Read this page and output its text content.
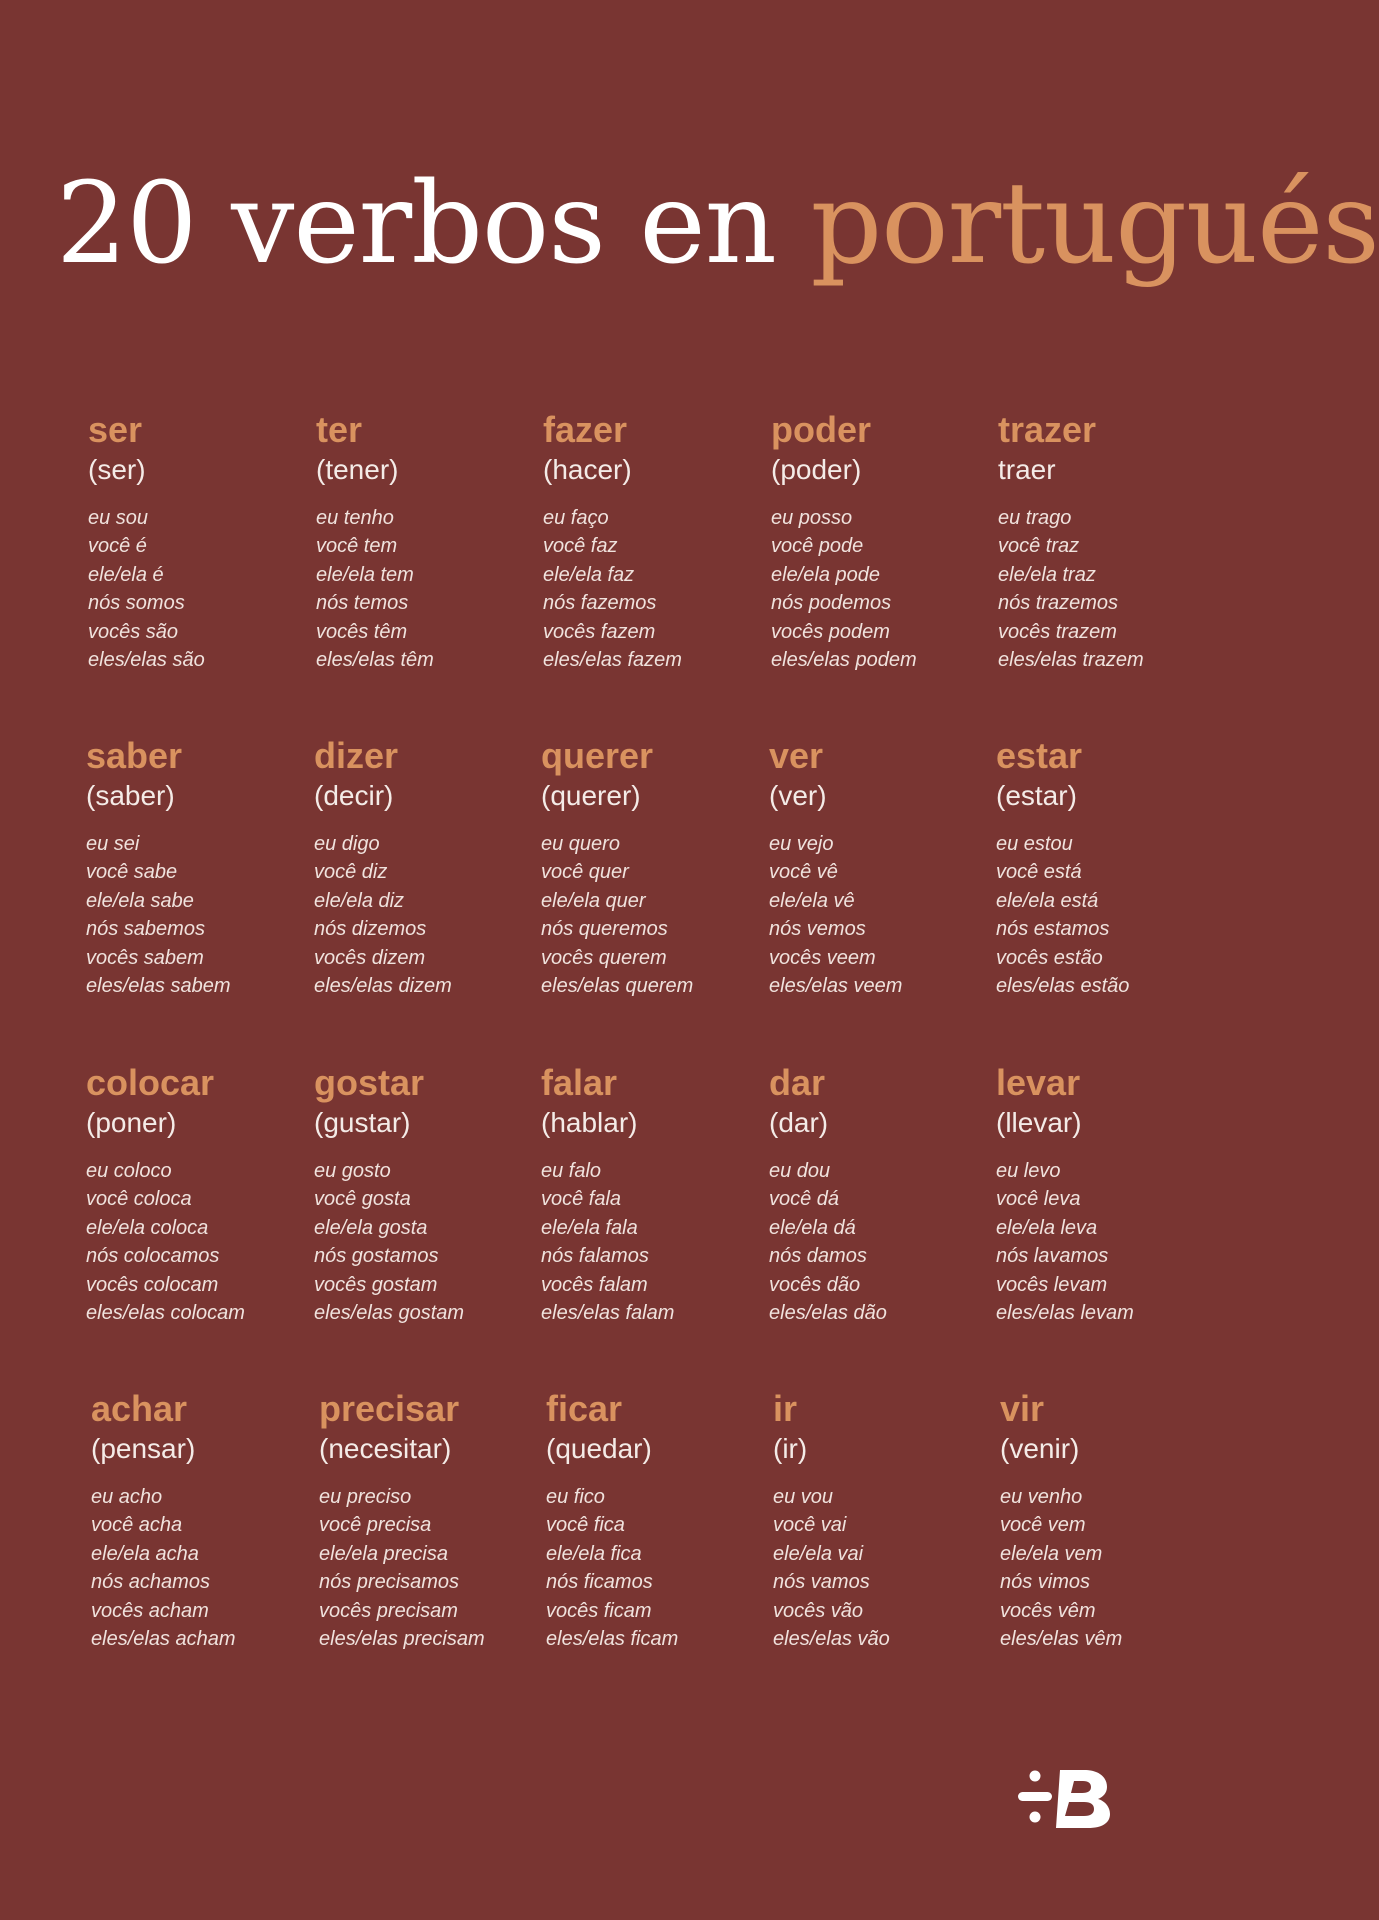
20 verbos en portugués
ser
(ser)
eu sou
você é
ele/ela é
nós somos
vocês são
eles/elas são
ter
(tener)
eu tenho
você tem
ele/ela tem
nós temos
vocês têm
eles/elas têm
fazer
(hacer)
eu faço
você faz
ele/ela faz
nós fazemos
vocês fazem
eles/elas fazem
poder
(poder)
eu posso
você pode
ele/ela pode
nós podemos
vocês podem
eles/elas podem
trazer
traer
eu trago
você traz
ele/ela traz
nós trazemos
vocês trazem
eles/elas trazem
saber
(saber)
eu sei
você sabe
ele/ela sabe
nós sabemos
vocês sabem
eles/elas sabem
dizer
(decir)
eu digo
você diz
ele/ela diz
nós dizemos
vocês dizem
eles/elas dizem
querer
(querer)
eu quero
você quer
ele/ela quer
nós queremos
vocês querem
eles/elas querem
ver
(ver)
eu vejo
você vê
ele/ela vê
nós vemos
vocês veem
eles/elas veem
estar
(estar)
eu estou
você está
ele/ela está
nós estamos
vocês estão
eles/elas estão
colocar
(poner)
eu coloco
você coloca
ele/ela coloca
nós colocamos
vocês colocam
eles/elas colocam
gostar
(gustar)
eu gosto
você gosta
ele/ela gosta
nós gostamos
vocês gostam
eles/elas gostam
falar
(hablar)
eu falo
você fala
ele/ela fala
nós falamos
vocês falam
eles/elas falam
dar
(dar)
eu dou
você dá
ele/ela dá
nós damos
vocês dão
eles/elas dão
levar
(llevar)
eu levo
você leva
ele/ela leva
nós lavamos
vocês levam
eles/elas levam
achar
(pensar)
eu acho
você acha
ele/ela acha
nós achamos
vocês acham
eles/elas acham
precisar
(necesitar)
eu preciso
você precisa
ele/ela precisa
nós precisamos
vocês precisam
eles/elas precisam
ficar
(quedar)
eu fico
você fica
ele/ela fica
nós ficamos
vocês ficam
eles/elas ficam
ir
(ir)
eu vou
você vai
ele/ela vai
nós vamos
vocês vão
eles/elas vão
vir
(venir)
eu venho
você vem
ele/ela vem
nós vimos
vocês vêm
eles/elas vêm
